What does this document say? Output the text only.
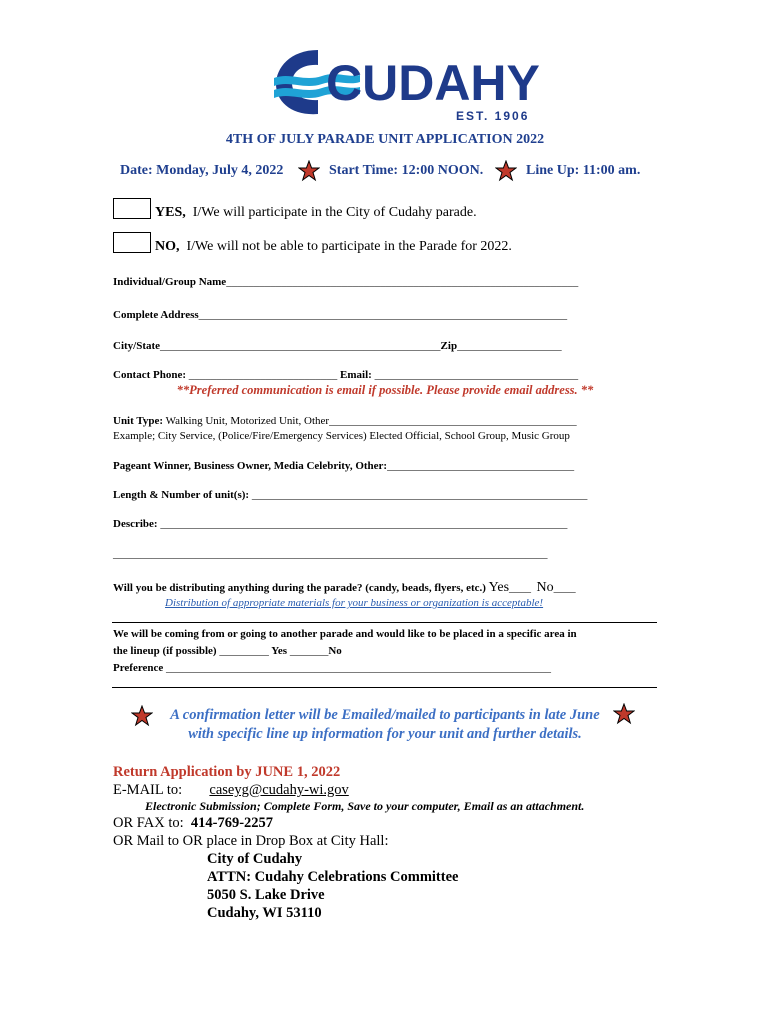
CUDAHY
EST. 1906
4TH OF JULY PARADE UNIT APPLICATION 2022
Date: Monday, July 4, 2022	Start Time: 12:00 NOON.	Line Up: 11:00 am.
YES, I/We will participate in the City of Cudahy parade.
NO, I/We will not be able to participate in the Parade for 2022.
Individual/Group Name________________________________________________________________
Complete Address___________________________________________________________________
City/State___________________________________________________Zip___________________
Contact Phone: ___________________________ Email: _____________________________________
**Preferred communication is email if possible. Please provide email address. **
Unit Type: Walking Unit, Motorized Unit, Other_____________________________________________
Example; City Service, (Police/Fire/Emergency Services) Elected Official, School Group, Music Group
Pageant Winner, Business Owner, Media Celebrity, Other:__________________________________
Length & Number of unit(s): _____________________________________________________________
Describe: __________________________________________________________________________
_______________________________________________________________________________
Will you be distributing anything during the parade? (candy, beads, flyers, etc.) Yes____ No____
Distribution of appropriate materials for your business or organization is acceptable!
We will be coming from or going to another parade and would like to be placed in a specific area in
the lineup (if possible) _________ Yes _______No
Preference ______________________________________________________________________
A confirmation letter will be Emailed/mailed to participants in late June
with specific line up information for your unit and further details.
Return Application by JUNE 1, 2022
E-MAIL to: caseyg@cudahy-wi.gov
Electronic Submission; Complete Form, Save to your computer, Email as an attachment.
OR FAX to: 414-769-2257
OR Mail to OR place in Drop Box at City Hall:
City of Cudahy
ATTN: Cudahy Celebrations Committee
5050 S. Lake Drive
Cudahy, WI 53110
